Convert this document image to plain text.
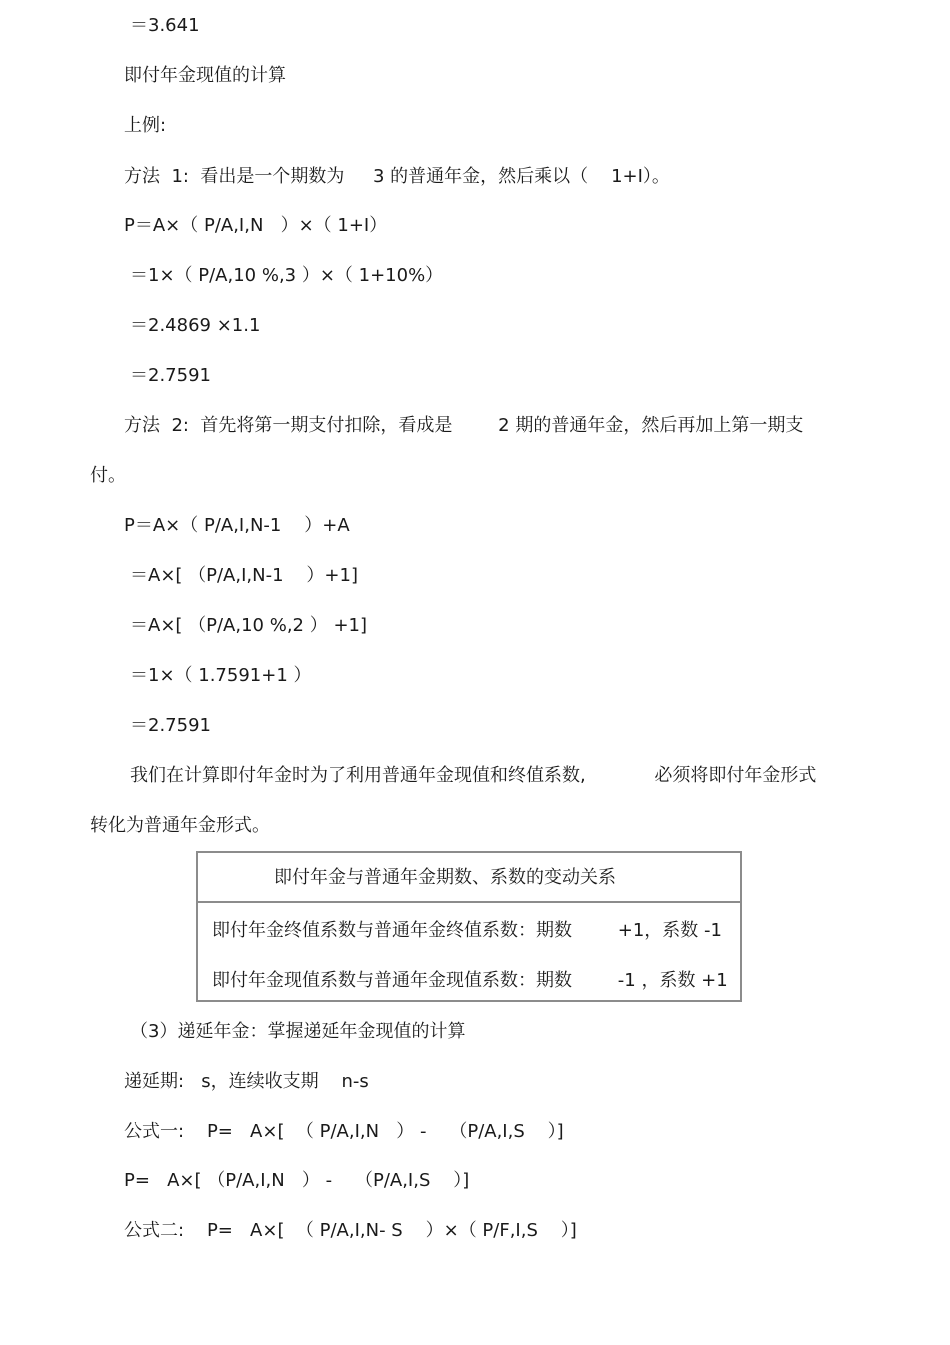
＝3.641
即付年金现值的计算
上例:
方法  1:  看出是一个期数为     3 的普通年金，然后乘以（    1+I）。
P＝A×（ P/A,I,N   ）×（ 1+I）
＝1×（ P/A,10 %,3 ）×（ 1+10%）
＝2.4869 ×1.1
＝2.7591
方法  2:  首先将第一期支付扣除，看成是        2 期的普通年金，然后再加上第一期支
付。
P＝A×（ P/A,I,N-1    ）+A
＝A×[ （P/A,I,N-1    ）+1]
＝A×[ （P/A,10 %,2 ） +1]
＝1×（ 1.7591+1 ）
＝2.7591
我们在计算即付年金时为了利用普通年金现值和终值系数,            必须将即付年金形式
转化为普通年金形式。
即付年金与普通年金期数、系数的变动关系
即付年金终值系数与普通年金终值系数：期数        +1，系数 -1
即付年金现值系数与普通年金现值系数：期数        -1 ，系数 +1
（3）递延年金：掌握递延年金现值的计算
递延期:   s，连续收支期    n-s
公式一:    P=   A×[  （ P/A,I,N   ） -    （P/A,I,S    ）]
P=   A×[ （P/A,I,N   ） -    （P/A,I,S    ）]
公式二:    P=   A×[  （ P/A,I,N- S    ）×（ P/F,I,S    ）]
